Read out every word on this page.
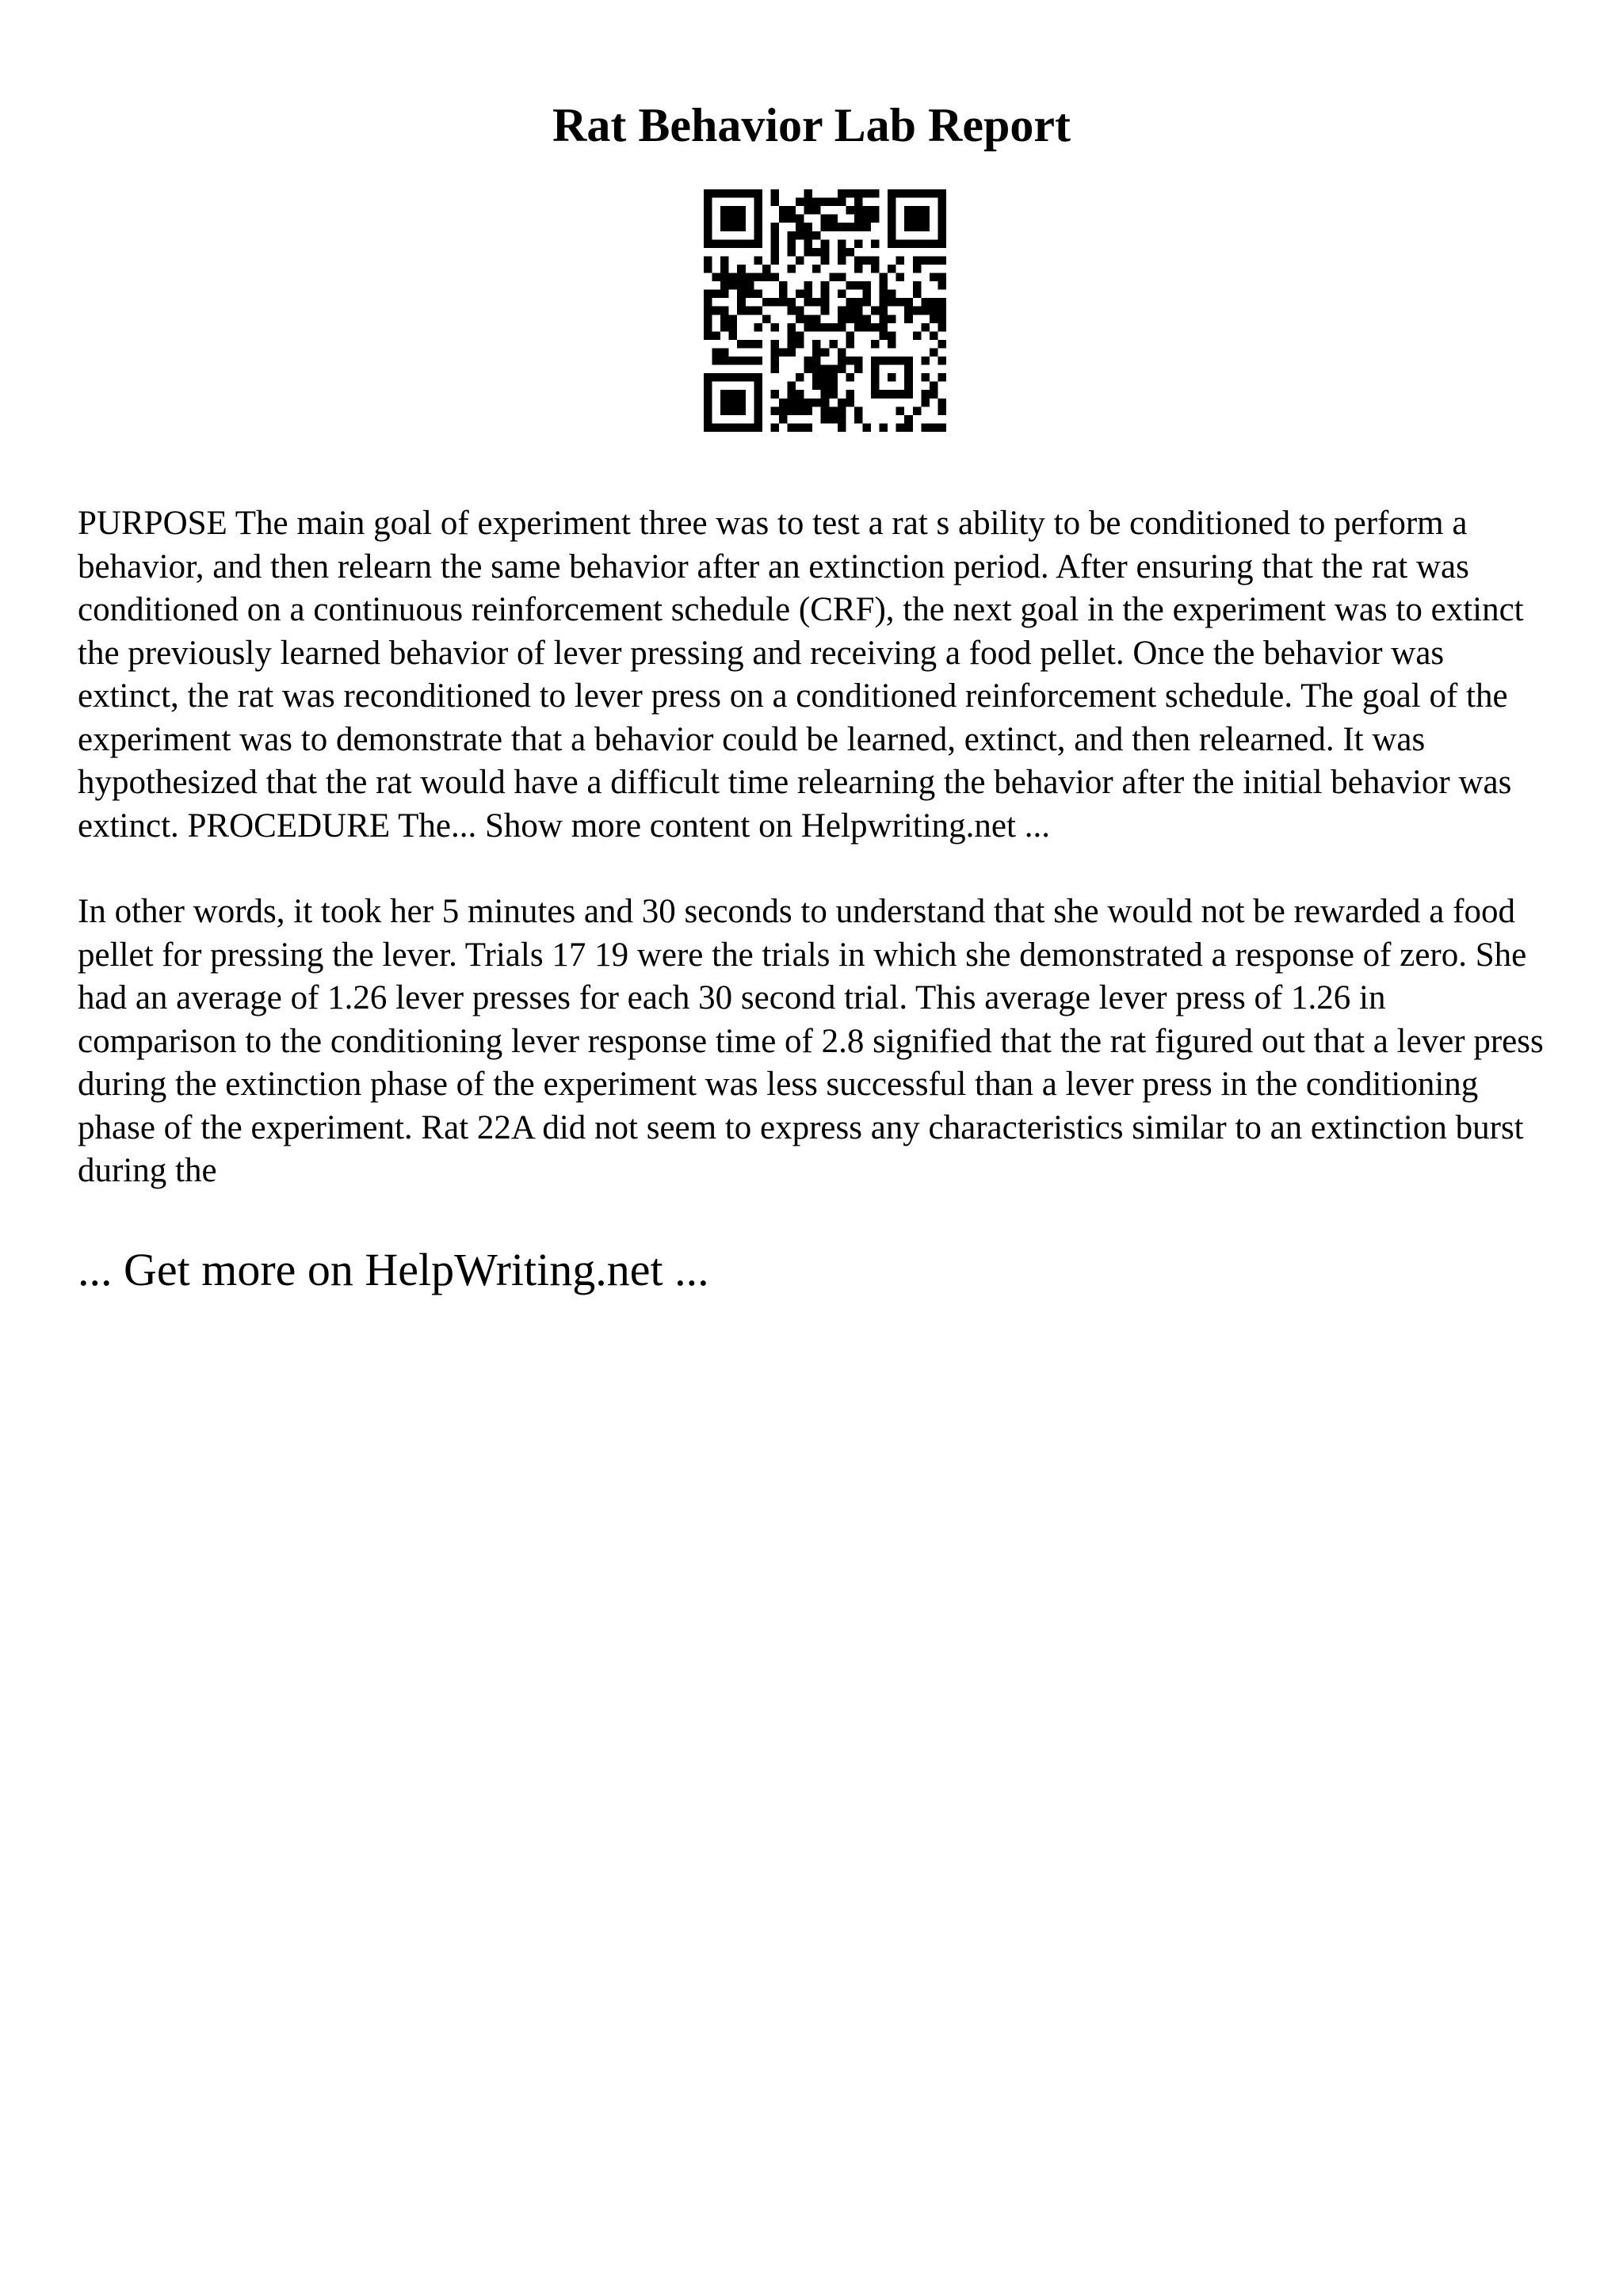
Rat Behavior Lab Report

PURPOSE The main goal of experiment three was to test a rat s ability to be conditioned to perform a behavior, and then relearn the same behavior after an extinction period. After ensuring that the rat was conditioned on a continuous reinforcement schedule (CRF), the next goal in the experiment was to extinct the previously learned behavior of lever pressing and receiving a food pellet. Once the behavior was extinct, the rat was reconditioned to lever press on a conditioned reinforcement schedule. The goal of the experiment was to demonstrate that a behavior could be learned, extinct, and then relearned. It was hypothesized that the rat would have a difficult time relearning the behavior after the initial behavior was extinct. PROCEDURE The... Show more content on Helpwriting.net ...

In other words, it took her 5 minutes and 30 seconds to understand that she would not be rewarded a food pellet for pressing the lever. Trials 17 19 were the trials in which she demonstrated a response of zero. She had an average of 1.26 lever presses for each 30 second trial. This average lever press of 1.26 in comparison to the conditioning lever response time of 2.8 signified that the rat figured out that a lever press during the extinction phase of the experiment was less successful than a lever press in the conditioning phase of the experiment. Rat 22A did not seem to express any characteristics similar to an extinction burst during the

... Get more on HelpWriting.net ...
